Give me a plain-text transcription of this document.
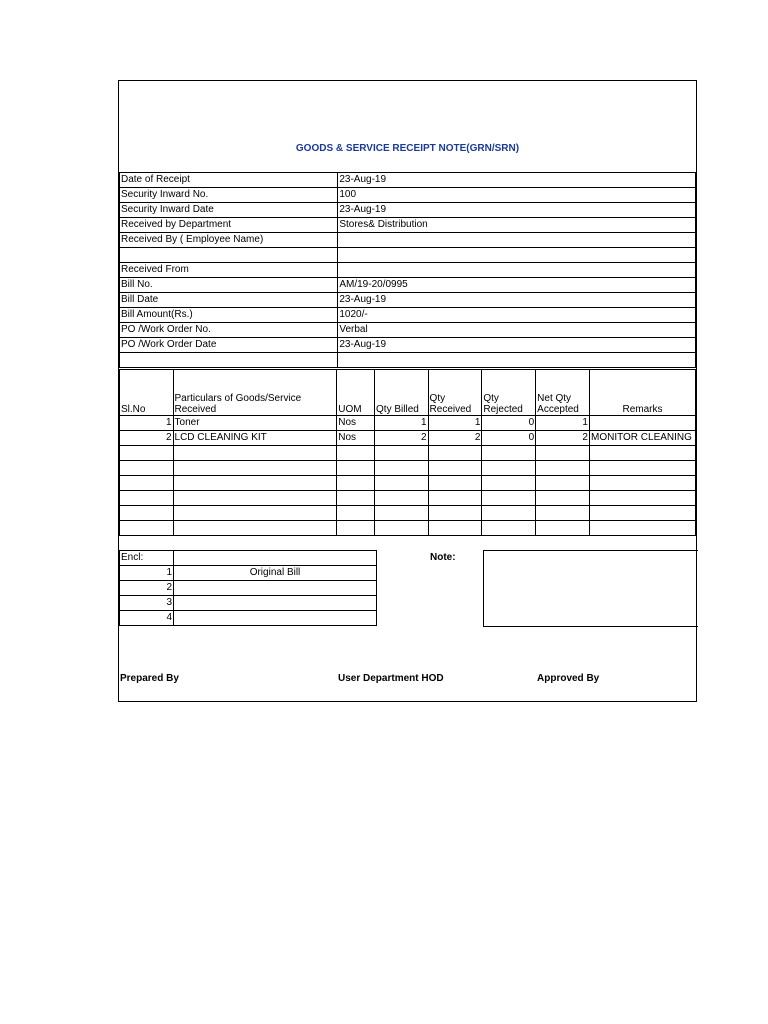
GOODS & SERVICE RECEIPT NOTE(GRN/SRN)
Date of Receipt	23-Aug-19
Security Inward No.	100
Security Inward Date	23-Aug-19
Received by Department	Stores& Distribution
Received By ( Employee Name)	

Received From	
Bill No.	AM/19-20/0995
Bill Date	23-Aug-19
Bill Amount(Rs.)	1020/-
PO /Work Order No.	Verbal
PO /Work Order Date	23-Aug-19

Sl.No	Particulars of Goods/Service Received	UOM	Qty Billed	Qty Received	Qty Rejected	Net Qty Accepted	Remarks
1	Toner	Nos	1	1	0	1	
2	LCD CLEANING KIT	Nos	2	2	0	2	MONITOR CLEANING

Encl:	
1	Original Bill
2	
3	
4	
Note:
Prepared By	User Department HOD	Approved By
